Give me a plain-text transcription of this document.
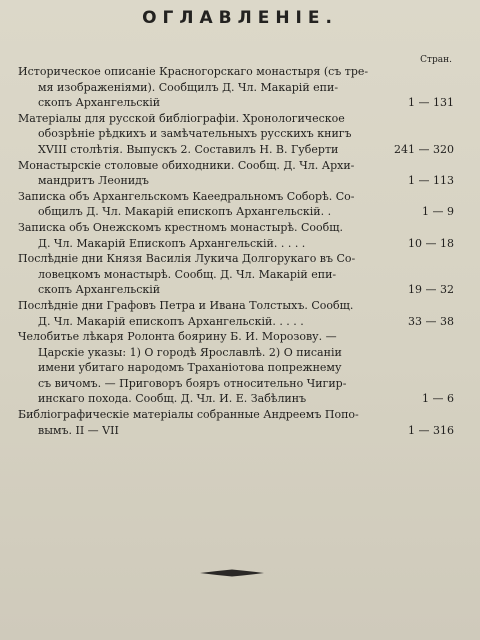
ОГЛАВЛЕНІЕ.
Стран.
Историческое описаніе Красногорскаго монастыря (съ тре-
мя изображеніями). Сообщилъ Д. Чл. Макарій епи-
скопъ Архангельскій	1 — 131
Матеріалы для русской библіографіи. Хронологическое
обозрѣніе рѣдкихъ и замѣчательныхъ русскихъ книгъ
XVIII столѣтія. Выпускъ 2. Составилъ Н. В. Губерти	241 — 320
Монастырскіе столовые обиходники. Сообщ. Д. Чл. Архи-
мандритъ Леонидъ	1 — 113
Записка объ Архангельскомъ Каеедральномъ Соборѣ. Со-
общилъ Д. Чл. Макарій епископъ Архангельскій. .	1 — 9
Записка объ Онежскомъ крестномъ монастырѣ. Сообщ.
Д. Чл. Макарій Епископъ Архангельскій. . . . .	10 — 18
Послѣдніе дни Князя Василія Лукича Долгорукаго въ Со-
ловецкомъ монастырѣ. Сообщ. Д. Чл. Макарій епи-
скопъ Архангельскій	19 — 32
Послѣдніе дни Графовъ Петра и Ивана Толстыхъ. Сообщ.
Д. Чл. Макарій епископъ Архангельскій. . . . .	33 — 38
Челобитье лѣкаря Ролонта боярину Б. И. Морозову. —
Царскіе указы: 1) О городѣ Ярославлѣ. 2) О писаніи
имени убитаго народомъ Траханіотова попрежнему
съ вичомъ. — Приговоръ бояръ относительно Чигир-
инскаго похода. Сообщ. Д. Чл. И. Е. Забѣлинъ	1 — 6
Библіографическіе матеріалы собранные Андреемъ Попо-
вымъ. II — VII	1 — 316
